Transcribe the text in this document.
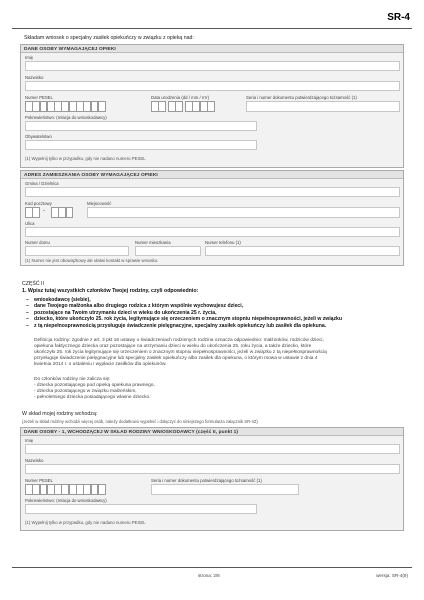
SR-4
Składam wniosek o specjalny zasiłek opiekuńczy w związku z opieką nad:
DANE OSOBY WYMAGAJĄCEJ OPIEKI
Imię
Nazwisko
Numer PESEL	Data urodzenia (dd / mm / rrrr)	Seria i numer dokumentu potwierdzającego tożsamość (1)
Pokrewieństwo: (relacja do wnioskodawcy)
Obywatelstwo
(1) Wypełnij tylko w przypadku, gdy nie nadano numeru PESEL
ADRES ZAMIESZKANIA OSOBY WYMAGAJĄCEJ OPIEKI
Gmina / Dzielnica
Kod pocztowy
-
Miejscowość
Ulica
Numer domu	Numer mieszkania	Numer telefonu (1)
(1) Numer nie jest obowiązkowy ale ułatwi kontakt w sprawie wniosku.
CZĘŚĆ II
1. Wpisz tutaj wszystkich członków Twojej rodziny, czyli odpowiednio:
– wnioskodawcę (siebie),
– dane Twojego małżonka albo drugiego rodzica z którym wspólnie wychowujesz dzieci,
– pozostające na Twoim utrzymaniu dzieci w wieku do ukończenia 25 r. życia,
– dziecko, które ukończyło 25. rok życia, legitymujące się orzeczeniem o znacznym stopniu niepełnosprawności, jeżeli w związku
– z tą niepełnosprawnością przysługuje świadczenie pielęgnacyjne, specjalny zasiłek opiekuńczy lub zasiłek dla opiekuna.
Definicja rodziny: zgodnie z art. 3 pkt 16 ustawy o świadczeniach rodzinnych rodzina oznacza odpowiednio: małżonków, rodziców dzieci,
opiekuna faktycznego dziecka oraz pozostające na utrzymaniu dzieci w wieku do ukończenia 25. roku życia, a także dziecko, które
ukończyło 25. rok życia legitymujące się orzeczeniem o znacznym stopniu niepełnosprawności, jeżeli w związku z tą niepełnosprawnością
przysługuje świadczenie pielęgnacyjne lub specjalny zasiłek opiekuńczy albo zasiłek dla opiekuna, o którym mowa w ustawie z dnia 4
kwietnia 2014 r. o ustaleniu i wypłacie zasiłków dla opiekunów.
Do członków rodziny nie zalicza się:
- dziecka pozostającego pod opieką opiekuna prawnego,
- dziecka pozostającego w związku małżeńskim,
- pełnoletniego dziecka posiadającego własne dziecko.
W skład mojej rodziny wchodzą:
(Jeżeli w skład rodziny wchodzi więcej osób, należy dodatkowo wypełnić i dołączyć do niniejszego formularza załącznik SR-4Z)
DANE OSOBY - 1, WCHODZĄCEJ W SKŁAD RODZINY WNIOSKODAWCY (część II, punkt 1)
Imię
Nazwisko
Numer PESEL	Seria i numer dokumentu potwierdzającego tożsamość (1)
Pokrewieństwo: (relacja do wnioskodawcy)
(1) Wypełnij tylko w przypadku, gdy nie nadano numeru PESEL
strona: 2/8	wersja: SR-4(9)
